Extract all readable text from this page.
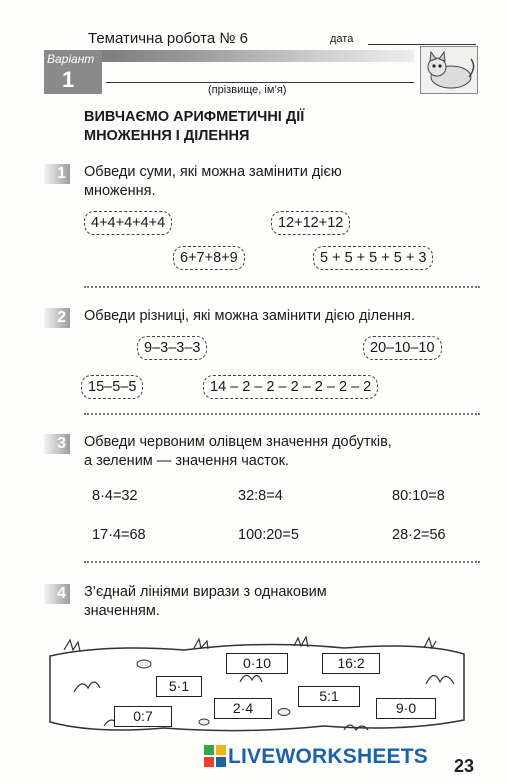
Тематична робота № 6	дата
Варіант
1	(прізвище, ім’я)
ВИВЧАЄМО АРИФМЕТИЧНІ ДІЇ
МНОЖЕННЯ І ДІЛЕННЯ
1 Обведи суми, які можна замінити дією
множення.
4+4+4+4+4	12+12+12
6+7+8+9	5 + 5 + 5 + 5 + 3
2 Обведи різниці, які можна замінити дією ділення.
9–3–3–3	20–10–10
15–5–5	14 – 2 – 2 – 2 – 2 – 2 – 2
3 Обведи червоним олівцем значення добутків,
а зеленим — значення часток.
8·4=32	32:8=4	80:10=8
17·4=68	100:20=5	28·2=56
4 З’єднай лініями вирази з однаковим
значенням.
0·10	16:2
5·1
5:1
0:7	2·4	9·0
LIVEWORKSHEETS 23
